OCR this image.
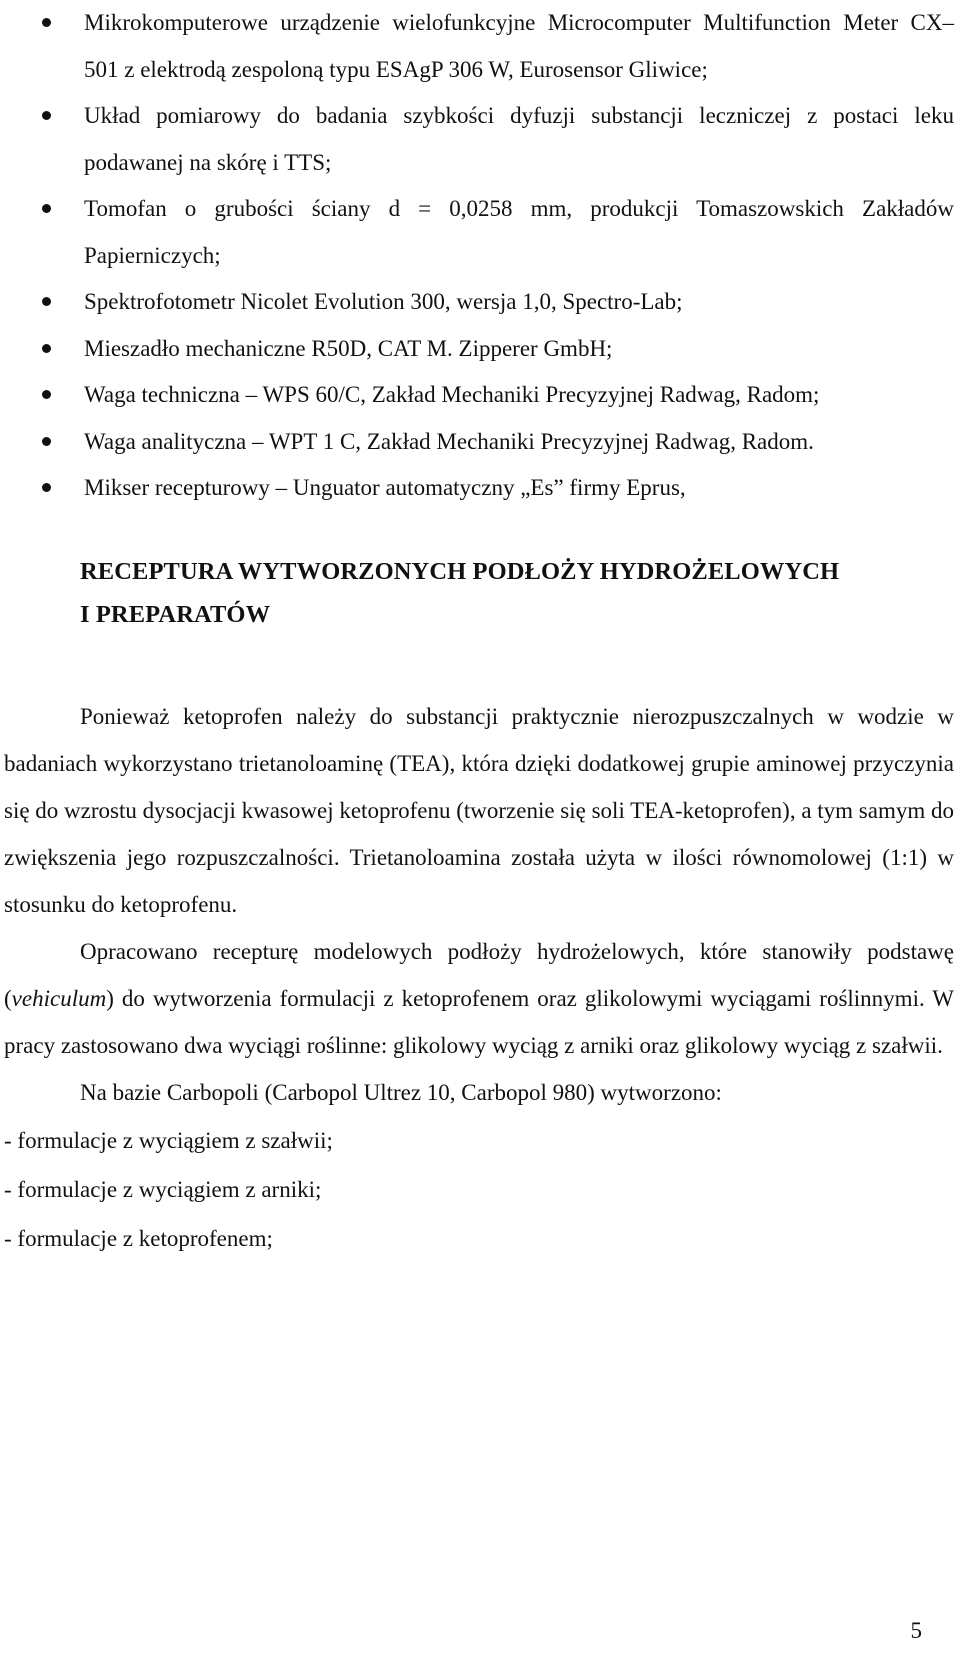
Mikrokomputerowe urządzenie wielofunkcyjne Microcomputer Multifunction Meter CX– 501 z elektrodą zespoloną typu ESAgP 306 W, Eurosensor Gliwice;
Układ pomiarowy do badania szybkości dyfuzji substancji leczniczej z postaci leku podawanej na skórę i TTS;
Tomofan o grubości ściany d = 0,0258 mm, produkcji Tomaszowskich Zakładów Papierniczych;
Spektrofotometr Nicolet Evolution 300, wersja 1,0, Spectro-Lab;
Mieszadło mechaniczne R50D, CAT M. Zipperer GmbH;
Waga techniczna – WPS 60/C, Zakład Mechaniki Precyzyjnej Radwag, Radom;
Waga analityczna – WPT 1 C, Zakład Mechaniki Precyzyjnej Radwag, Radom.
Mikser recepturowy – Unguator automatyczny „Es” firmy Eprus,
RECEPTURA WYTWORZONYCH PODŁOŻY HYDROŻELOWYCH
I PREPARATÓW

Ponieważ ketoprofen należy do substancji praktycznie nierozpuszczalnych w wodzie w badaniach wykorzystano trietanoloaminę (TEA), która dzięki dodatkowej grupie aminowej przyczynia się do wzrostu dysocjacji kwasowej ketoprofenu (tworzenie się soli TEA-ketoprofen), a tym samym do zwiększenia jego rozpuszczalności. Trietanoloamina została użyta w ilości równomolowej (1:1) w stosunku do ketoprofenu.

Opracowano recepturę modelowych podłoży hydrożelowych, które stanowiły podstawę (vehiculum) do wytworzenia formulacji z ketoprofenem oraz glikolowymi wyciągami roślinnymi. W pracy zastosowano dwa wyciągi roślinne: glikolowy wyciąg z arniki oraz glikolowy wyciąg z szałwii.

Na bazie Carbopoli (Carbopol Ultrez 10, Carbopol 980) wytworzono:

- formulacje z wyciągiem z szałwii;

- formulacje z wyciągiem z arniki;

- formulacje z ketoprofenem;

5
